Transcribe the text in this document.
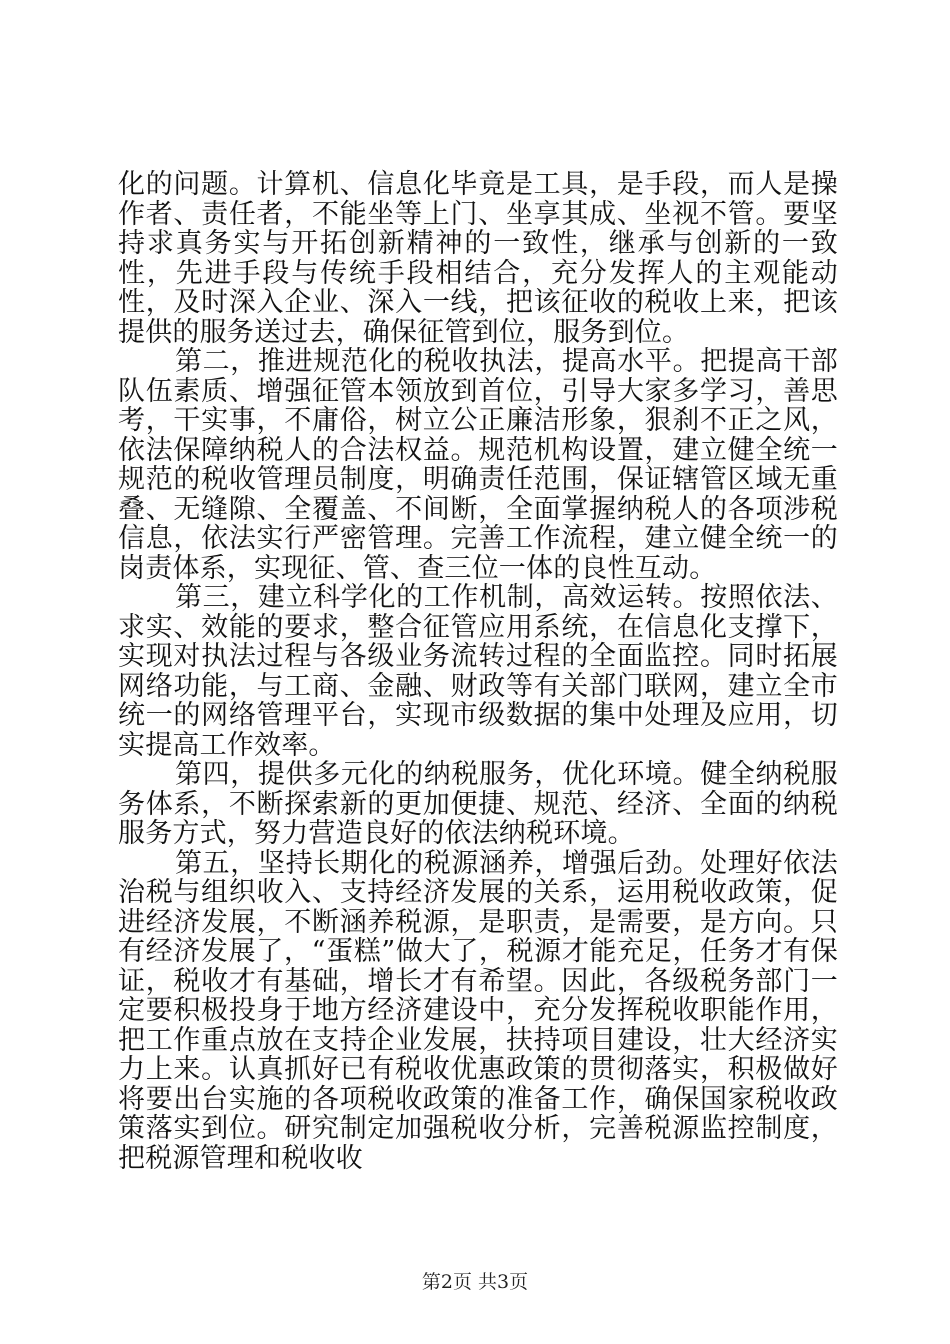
化的问题。计算机、信息化毕竟是工具，是手段，而人是操作者、责任者，不能坐等上门、坐享其成、坐视不管。要坚持求真务实与开拓创新精神的一致性，继承与创新的一致性，先进手段与传统手段相结合，充分发挥人的主观能动性，及时深入企业、深入一线，把该征收的税收上来，把该提供的服务送过去，确保征管到位，服务到位。

第二，推进规范化的税收执法，提高水平。把提高干部队伍素质、增强征管本领放到首位，引导大家多学习，善思考，干实事，不庸俗，树立公正廉洁形象，狠刹不正之风，依法保障纳税人的合法权益。规范机构设置，建立健全统一规范的税收管理员制度，明确责任范围，保证辖管区域无重叠、无缝隙、全覆盖、不间断，全面掌握纳税人的各项涉税信息，依法实行严密管理。完善工作流程，建立健全统一的岗责体系，实现征、管、查三位一体的良性互动。

第三，建立科学化的工作机制，高效运转。按照依法、求实、效能的要求，整合征管应用系统，在信息化支撑下，实现对执法过程与各级业务流转过程的全面监控。同时拓展网络功能，与工商、金融、财政等有关部门联网，建立全市统一的网络管理平台，实现市级数据的集中处理及应用，切实提高工作效率。

第四，提供多元化的纳税服务，优化环境。健全纳税服务体系，不断探索新的更加便捷、规范、经济、全面的纳税服务方式，努力营造良好的依法纳税环境。

第五，坚持长期化的税源涵养，增强后劲。处理好依法治税与组织收入、支持经济发展的关系，运用税收政策，促进经济发展，不断涵养税源，是职责，是需要，是方向。只有经济发展了，“蛋糕”做大了，税源才能充足，任务才有保证，税收才有基础，增长才有希望。因此，各级税务部门一定要积极投身于地方经济建设中，充分发挥税收职能作用，把工作重点放在支持企业发展，扶持项目建设，壮大经济实力上来。认真抓好已有税收优惠政策的贯彻落实，积极做好将要出台实施的各项税收政策的准备工作，确保国家税收政策落实到位。研究制定加强税收分析，完善税源监控制度，把税源管理和税收收

第2页 共3页
